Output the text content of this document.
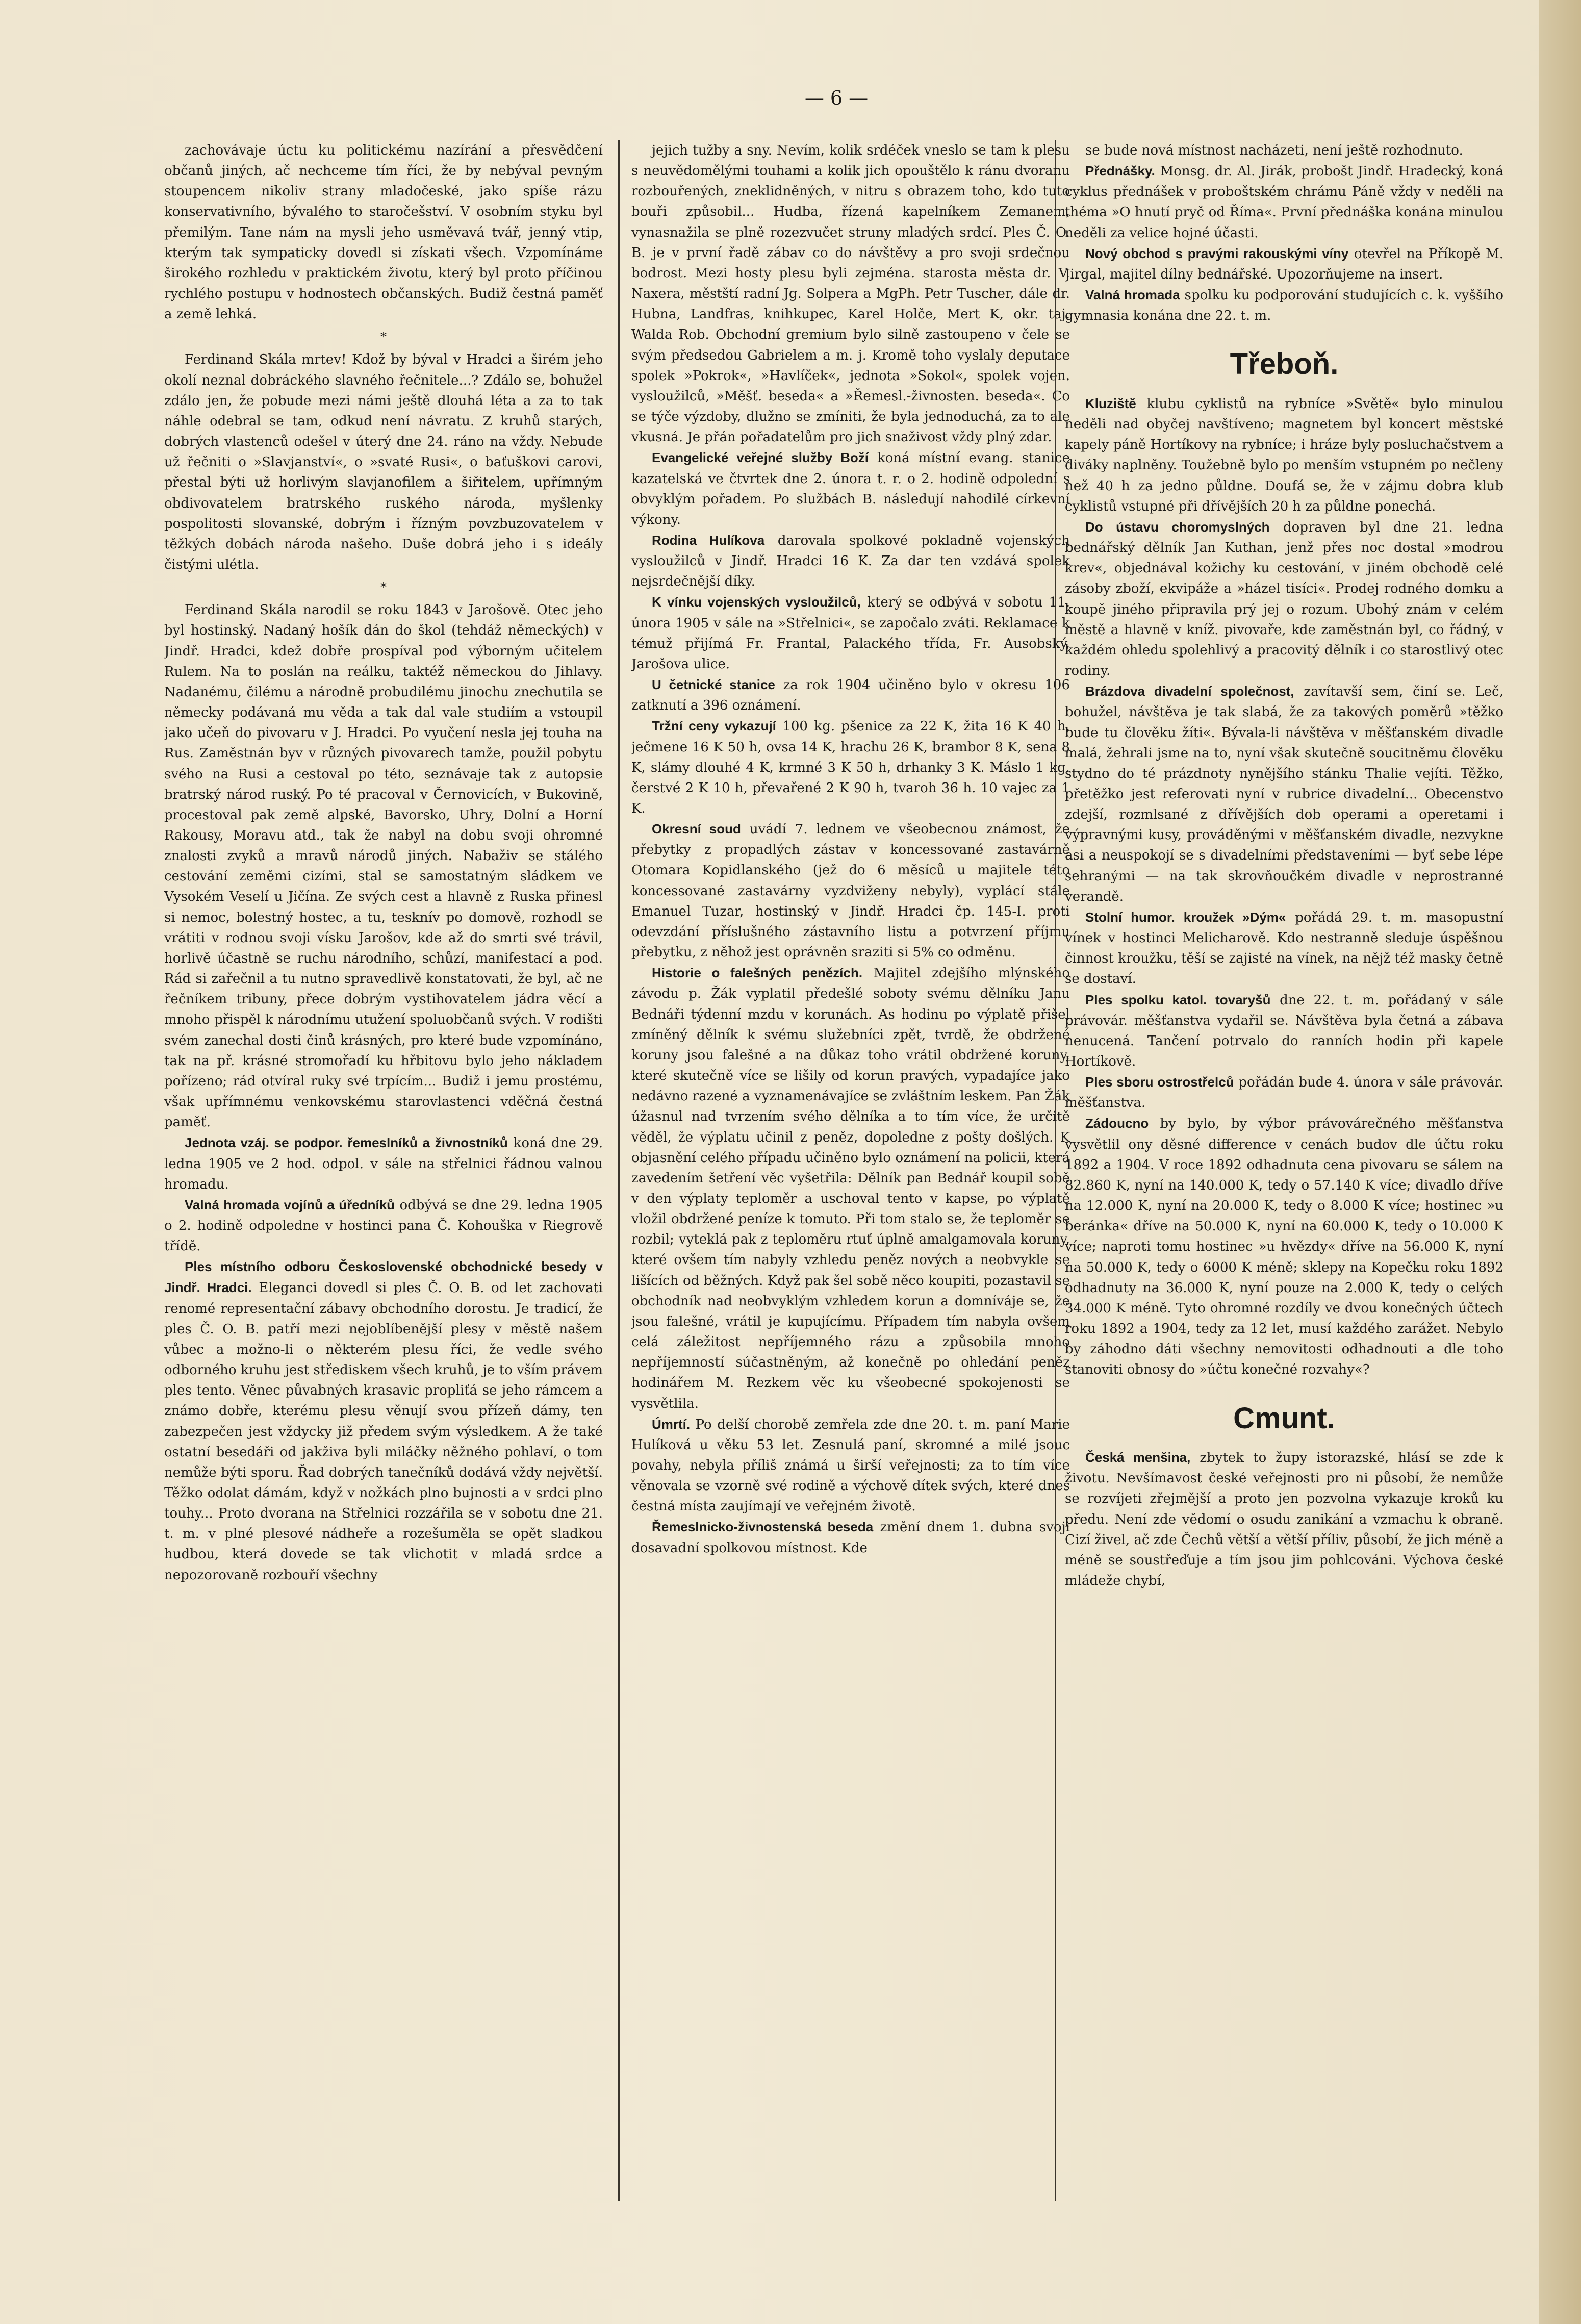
— 6 —

zachovávaje úctu ku politickému nazírání a přesvědčení občanů jiných, ač nechceme tím říci, že by nebýval pevným stoupencem nikoliv strany mladočeské, jako spíše rázu konservativního, bývalého to staročešství. V osobním styku byl přemilým. Tane nám na mysli jeho usměvavá tvář, jenný vtip, kterým tak sympaticky dovedl si získati všech. Vzpomínáme širokého rozhledu v praktickém životu, který byl proto příčinou rychlého postupu v hodnostech občanských. Budiž čestná paměť a země lehká.

*

Ferdinand Skála mrtev! Kdož by býval v Hradci a širém jeho okolí neznal dobráckého slavného řečnitele...? Zdálo se, bohužel zdálo jen, že pobude mezi námi ještě dlouhá léta a za to tak náhle odebral se tam, odkud není návratu. Z kruhů starých, dobrých vlastenců odešel v úterý dne 24. ráno na vždy. Nebude už řečniti o »Slavjanství«, o »svaté Rusi«, o baťuškovi carovi, přestal býti už horlivým slavjanofilem a šiřitelem, upřímným obdivovatelem bratrského ruského národa, myšlenky pospolitosti slovanské, dobrým i řízným povzbuzovatelem v těžkých dobách národa našeho. Duše dobrá jeho i s ideály čistými ulétla.

*

Ferdinand Skála narodil se roku 1843 v Jarošově. Otec jeho byl hostinský. Nadaný hošík dán do škol (tehdáž německých) v Jindř. Hradci, kdež dobře prospíval pod výborným učitelem Rulem. Na to poslán na reálku, taktéž německou do Jihlavy. Nadanému, čilému a národně probudilému jinochu znechutila se německy podávaná mu věda a tak dal vale studiím a vstoupil jako učeň do pivovaru v J. Hradci. Po vyučení nesla jej touha na Rus. Zaměstnán byv v různých pivovarech tamže, použil pobytu svého na Rusi a cestoval po této, seznávaje tak z autopsie bratrský národ ruský. Po té pracoval v Černovicích, v Bukovině, procestoval pak země alpské, Bavorsko, Uhry, Dolní a Horní Rakousy, Moravu atd., tak že nabyl na dobu svoji ohromné znalosti zvyků a mravů národů jiných. Nabaživ se stálého cestování zeměmi cizími, stal se samostatným sládkem ve Vysokém Veselí u Jičína. Ze svých cest a hlavně z Ruska přinesl si nemoc, bolestný hostec, a tu, tesknív po domově, rozhodl se vrátiti v rodnou svoji vísku Jarošov, kde až do smrti své trávil, horlivě účastně se ruchu národního, schůzí, manifestací a pod. Rád si zařečnil a tu nutno spravedlivě konstatovati, že byl, ač ne řečníkem tribuny, přece dobrým vystihovatelem jádra věcí a mnoho přispěl k národnímu utužení spoluobčanů svých. V rodišti svém zanechal dosti činů krásných, pro které bude vzpomínáno, tak na př. krásné stromořadí ku hřbitovu bylo jeho nákladem pořízeno; rád otvíral ruky své trpícím... Budiž i jemu prostému, však upřímnému venkovskému starovlastenci vděčná čestná paměť.

Jednota vzáj. se podpor. řemeslníků a živnostníků koná dne 29. ledna 1905 ve 2 hod. odpol. v sále na střelnici řádnou valnou hromadu.

Valná hromada vojínů a úředníků odbývá se dne 29. ledna 1905 o 2. hodině odpoledne v hostinci pana Č. Kohouška v Riegrově třídě.

Ples místního odboru Československé obchodnické besedy v Jindř. Hradci. Eleganci dovedl si ples Č. O. B. od let zachovati renomé representační zábavy obchodního dorostu. Je tradicí, že ples Č. O. B. patří mezi nejoblíbenější plesy v městě našem vůbec a možno-li o některém plesu říci, že vedle svého odborného kruhu jest střediskem všech kruhů, je to vším právem ples tento. Věnec půvabných krasavic propliťá se jeho rámcem a známo dobře, kterému plesu věnují svou přízeň dámy, ten zabezpečen jest vždycky již předem svým výsledkem. A že také ostatní besedáři od jakživa byli miláčky něžného pohlaví, o tom nemůže býti sporu. Řad dobrých tanečníků dodává vždy největší. Těžko odolat dámám, když v nožkách plno bujnosti a v srdci plno touhy... Proto dvorana na Střelnici rozzářila se v sobotu dne 21. t. m. v plné plesové nádheře a rozešuměla se opět sladkou hudbou, která dovede se tak vlichotit v mladá srdce a nepozorovaně rozbouří všechny

jejich tužby a sny. Nevím, kolik srdéček vneslo se tam k plesu s neuvědomělými touhami a kolik jich opouštělo k ránu dvoranu rozbouřených, zneklidněných, v nitru s obrazem toho, kdo tuto bouři způsobil... Hudba, řízená kapelníkem Zemanem, vynasnažila se plně rozezvučet struny mladých srdcí. Ples Č. O. B. je v první řadě zábav co do návštěvy a pro svoji srdečnou bodrost. Mezi hosty plesu byli zejména. starosta města dr. V. Naxera, městští radní Jg. Solpera a MgPh. Petr Tuscher, dále dr. Hubna, Landfras, knihkupec, Karel Holče, Mert K, okr. taj. Walda Rob. Obchodní gremium bylo silně zastoupeno v čele se svým předsedou Gabrielem a m. j. Kromě toho vyslaly deputace spolek »Pokrok«, »Havlíček«, jednota »Sokol«, spolek vojen. vysloužilců, »Měšť. beseda« a »Řemesl.-živnosten. beseda«. Co se týče výzdoby, dlužno se zmíniti, že byla jednoduchá, za to ale vkusná. Je přán pořadatelům pro jich snaživost vždy plný zdar.

Evangelické veřejné služby Boží koná místní evang. stanice kazatelská ve čtvrtek dne 2. února t. r. o 2. hodině odpolední s obvyklým pořadem. Po službách B. následují nahodilé církevní výkony.

Rodina Hulíkova darovala spolkové pokladně vojenských vysloužilců v Jindř. Hradci 16 K. Za dar ten vzdává spolek nejsrdečnější díky.

K vínku vojenských vysloužilců, který se odbývá v sobotu 11. února 1905 v sále na »Střelnici«, se započalo zváti. Reklamace k témuž přijímá Fr. Frantal, Palackého třída, Fr. Ausobský, Jarošova ulice.

U četnické stanice za rok 1904 učiněno bylo v okresu 106 zatknutí a 396 oznámení.

Tržní ceny vykazují 100 kg. pšenice za 22 K, žita 16 K 40 h, ječmene 16 K 50 h, ovsa 14 K, hrachu 26 K, brambor 8 K, sena 8 K, slámy dlouhé 4 K, krmné 3 K 50 h, drhanky 3 K. Máslo 1 kg. čerstvé 2 K 10 h, převařené 2 K 90 h, tvaroh 36 h. 10 vajec za 1 K.

Okresní soud uvádí 7. lednem ve všeobecnou známost, že přebytky z propadlých zástav v koncessované zastavárně Otomara Kopidlanského (jež do 6 měsíců u majitele této koncessované zastavárny vyzdviženy nebyly), vyplácí stále Emanuel Tuzar, hostinský v Jindř. Hradci čp. 145-I. proti odevzdání příslušného zástavního listu a potvrzení příjmu přebytku, z něhož jest oprávněn sraziti si 5% co odměnu.

Historie o falešných penězích. Majitel zdejšího mlýnského závodu p. Žák vyplatil předešlé soboty svému dělníku Janu Bednáři týdenní mzdu v korunách. As hodinu po výplatě přišel zmíněný dělník k svému služebníci zpět, tvrdě, že obdržené koruny jsou falešné a na důkaz toho vrátil obdržené koruny, které skutečně více se lišily od korun pravých, vypadajíce jako nedávno razené a vyznamenávajíce se zvláštním leskem. Pan Žák úžasnul nad tvrzením svého dělníka a to tím více, že určitě věděl, že výplatu učinil z peněz, dopoledne z pošty došlých. K objasnění celého případu učiněno bylo oznámení na policii, která zavedením šetření věc vyšetřila: Dělník pan Bednář koupil sobě v den výplaty teploměr a uschoval tento v kapse, po výplatě vložil obdržené peníze k tomuto. Při tom stalo se, že teploměr se rozbil; vyteklá pak z teploměru rtuť úplně amalgamovala koruny, které ovšem tím nabyly vzhledu peněz nových a neobvykle se lišících od běžných. Když pak šel sobě něco koupiti, pozastavil se obchodník nad neobvyklým vzhledem korun a domníváje se, že jsou falešné, vrátil je kupujícímu. Případem tím nabyla ovšem celá záležitost nepříjemného rázu a způsobila mnoho nepříjemností súčastněným, až konečně po ohledání peněz hodinářem M. Rezkem věc ku všeobecné spokojenosti se vysvětlila.

Úmrtí. Po delší chorobě zemřela zde dne 20. t. m. paní Marie Hulíková u věku 53 let. Zesnulá paní, skromné a milé jsouc povahy, nebyla příliš známá u širší veřejnosti; za to tím více věnovala se vzorně své rodině a výchově dítek svých, které dnes čestná místa zaujímají ve veřejném životě.

Řemeslnicko-živnostenská beseda změní dnem 1. dubna svoji dosavadní spolkovou místnost. Kde

se bude nová místnost nacházeti, není ještě rozhodnuto.

Přednášky. Monsg. dr. Al. Jirák, probošt Jindř. Hradecký, koná cyklus přednášek v proboštském chrámu Páně vždy v neděli na théma »O hnutí pryč od Říma«. První přednáška konána minulou neděli za velice hojné účasti.

Nový obchod s pravými rakouskými víny otevřel na Příkopě M. Jirgal, majitel dílny bednářské. Upozorňujeme na insert.

Valná hromada spolku ku podporování studujících c. k. vyššího gymnasia konána dne 22. t. m.

Třeboň.

Kluziště klubu cyklistů na rybníce »Světě« bylo minulou neděli nad obyčej navštíveno; magnetem byl koncert městské kapely páně Hortíkovy na rybníce; i hráze byly posluchačstvem a diváky naplněny. Toužebně bylo po menším vstupném po nečleny než 40 h za jedno půldne. Doufá se, že v zájmu dobra klub cyklistů vstupné při dřívějších 20 h za půldne ponechá.

Do ústavu choromyslných dopraven byl dne 21. ledna bednářský dělník Jan Kuthan, jenž přes noc dostal »modrou krev«, objednával kožichy ku cestování, v jiném obchodě celé zásoby zboží, ekvipáže a »házel tisíci«. Prodej rodného domku a koupě jiného připravila prý jej o rozum. Ubohý znám v celém městě a hlavně v kníž. pivovaře, kde zaměstnán byl, co řádný, v každém ohledu spolehlivý a pracovitý dělník i co starostlivý otec rodiny.

Brázdova divadelní společnost, zavítavší sem, činí se. Leč, bohužel, návštěva je tak slabá, že za takových poměrů »těžko bude tu člověku žíti«. Bývala-li návštěva v měšťanském divadle malá, žehrali jsme na to, nyní však skutečně soucitněmu člověku stydno do té prázdnoty nynějšího stánku Thalie vejíti. Těžko, přetěžko jest referovati nyní v rubrice divadelní... Obecenstvo zdejší, rozmlsané z dřívějších dob operami a operetami i výpravnými kusy, prováděnými v měšťanském divadle, nezvykne asi a neuspokojí se s divadelními představeními — byť sebe lépe sehranými — na tak skrovňoučkém divadle v neprostranné verandě.

Stolní humor. kroužek »Dým« pořádá 29. t. m. masopustní vínek v hostinci Melicharově. Kdo nestranně sleduje úspěšnou činnost kroužku, těší se zajisté na vínek, na nějž též masky četně se dostaví.

Ples spolku katol. tovaryšů dne 22. t. m. pořádaný v sále právovár. měšťanstva vydařil se. Návštěva byla četná a zábava nenucená. Tančení potrvalo do ranních hodin při kapele Hortíkově.

Ples sboru ostrostřelců pořádán bude 4. února v sále právovár. měšťanstva.

Zádoucno by bylo, by výbor právovárečného měšťanstva vysvětlil ony děsné differencе v cenách budov dle účtu roku 1892 a 1904. V roce 1892 odhadnuta cena pivovaru se sálem na 82.860 K, nyní na 140.000 K, tedy o 57.140 K více; divadlo dříve na 12.000 K, nyní na 20.000 K, tedy o 8.000 K více; hostinec »u beránka« dříve na 50.000 K, nyní na 60.000 K, tedy o 10.000 K více; naproti tomu hostinec »u hvězdy« dříve na 56.000 K, nyní na 50.000 K, tedy o 6000 K méně; sklepy na Kopečku roku 1892 odhadnuty na 36.000 K, nyní pouze na 2.000 K, tedy o celých 34.000 K méně. Tyto ohromné rozdíly ve dvou konečných účtech roku 1892 a 1904, tedy za 12 let, musí každého zarážet. Nebylo by záhodno dáti všechny nemovitosti odhadnouti a dle toho stanoviti obnosy do »účtu konečné rozvahy«?

Cmunt.

Česká menšina, zbytek to župy istorazské, hlásí se zde k životu. Nevšímavost české veřejnosti pro ni působí, že nemůže se rozvíjeti zřejmější a proto jen pozvolna vykazuje kroků ku předu. Není zde vědomí o osudu zanikání a vzmachu k obraně. Cizí živel, ač zde Čechů větší a větší příliv, působí, že jich méně a méně se soustřeďuje a tím jsou jim pohlcováni. Výchova české mládeže chybí,
